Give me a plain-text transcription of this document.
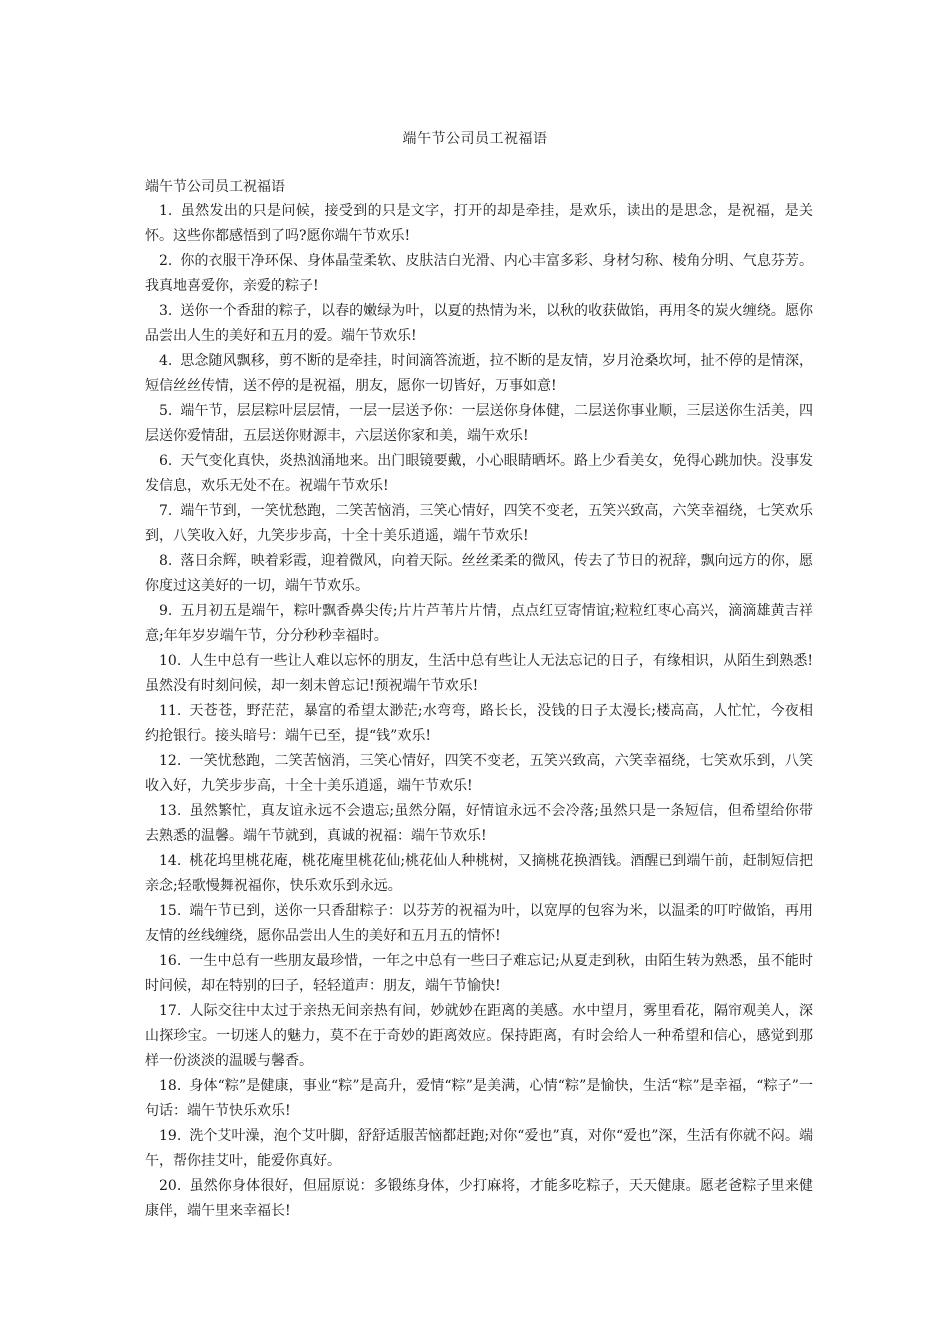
端午节公司员工祝福语

端午节公司员工祝福语

1. 虽然发出的只是问候，接受到的只是文字，打开的却是牵挂，是欢乐，读出的是思念，是祝福，是关怀。这些你都感悟到了吗?愿你端午节欢乐!
2. 你的衣服干净环保、身体晶莹柔软、皮肤洁白光滑、内心丰富多彩、身材匀称、棱角分明、气息芬芳。我真地喜爱你，亲爱的粽子!
3. 送你一个香甜的粽子，以春的嫩绿为叶，以夏的热情为米，以秋的收获做馅，再用冬的炭火缠绕。愿你品尝出人生的美好和五月的爱。端午节欢乐!
4. 思念随风飘移，剪不断的是牵挂，时间滴答流逝，拉不断的是友情，岁月沧桑坎坷，扯不停的是情深，短信丝丝传情，送不停的是祝福，朋友，愿你一切皆好，万事如意!
5. 端午节，层层粽叶层层情，一层一层送予你：一层送你身体健，二层送你事业顺，三层送你生活美，四层送你爱情甜，五层送你财源丰，六层送你家和美，端午欢乐!
6. 天气变化真快，炎热汹涌地来。出门眼镜要戴，小心眼睛晒坏。路上少看美女，免得心跳加快。没事发发信息，欢乐无处不在。祝端午节欢乐!
7. 端午节到，一笑忧愁跑，二笑苦恼消，三笑心情好，四笑不变老，五笑兴致高，六笑幸福绕，七笑欢乐到，八笑收入好，九笑步步高，十全十美乐逍遥，端午节欢乐!
8. 落日余辉，映着彩霞，迎着微风，向着天际。丝丝柔柔的微风，传去了节日的祝辞，飘向远方的你，愿你度过这美好的一切，端午节欢乐。
9. 五月初五是端午，粽叶飘香鼻尖传;片片芦苇片片情，点点红豆寄情谊;粒粒红枣心高兴，滴滴雄黄吉祥意;年年岁岁端午节，分分秒秒幸福时。
10. 人生中总有一些让人难以忘怀的朋友，生活中总有些让人无法忘记的日子，有缘相识，从陌生到熟悉!虽然没有时刻问候，却一刻未曾忘记!预祝端午节欢乐!
11. 天苍苍，野茫茫，暴富的希望太渺茫;水弯弯，路长长，没钱的日子太漫长;楼高高，人忙忙，今夜相约抢银行。接头暗号：端午已至，提“钱”欢乐!
12. 一笑忧愁跑，二笑苦恼消，三笑心情好，四笑不变老，五笑兴致高，六笑幸福绕，七笑欢乐到，八笑收入好，九笑步步高，十全十美乐逍遥，端午节欢乐!
13. 虽然繁忙，真友谊永远不会遗忘;虽然分隔，好情谊永远不会冷落;虽然只是一条短信，但希望给你带去熟悉的温馨。端午节就到，真诚的祝福：端午节欢乐!
14. 桃花坞里桃花庵，桃花庵里桃花仙;桃花仙人种桃树，又摘桃花换酒钱。酒醒已到端午前，赶制短信把亲念;轻歌慢舞祝福你，快乐欢乐到永远。
15. 端午节已到，送你一只香甜粽子：以芬芳的祝福为叶，以宽厚的包容为米，以温柔的叮咛做馅，再用友情的丝线缠绕，愿你品尝出人生的美好和五月五的情怀!
16. 一生中总有一些朋友最珍惜，一年之中总有一些曰子难忘记;从夏走到秋，由陌生转为熟悉，虽不能时时问候，却在特别的曰子，轻轻道声：朋友，端午节愉快!
17. 人际交往中太过于亲热无间亲热有间，妙就妙在距离的美感。水中望月，雾里看花，隔帘观美人，深山探珍宝。一切迷人的魅力，莫不在于奇妙的距离效应。保持距离，有时会给人一种希望和信心，感觉到那样一份淡淡的温暖与馨香。
18. 身体“粽”是健康，事业“粽”是高升，爱情“粽”是美满，心情“粽”是愉快，生活“粽”是幸福，“粽子”一句话：端午节快乐欢乐!
19. 洗个艾叶澡，泡个艾叶脚，舒舒适服苦恼都赶跑;对你“爱也”真，对你“爱也”深，生活有你就不闷。端午，帮你挂艾叶，能爱你真好。
20. 虽然你身体很好，但屈原说：多锻练身体，少打麻将，才能多吃粽子，天天健康。愿老爸粽子里来健康伴，端午里来幸福长!
